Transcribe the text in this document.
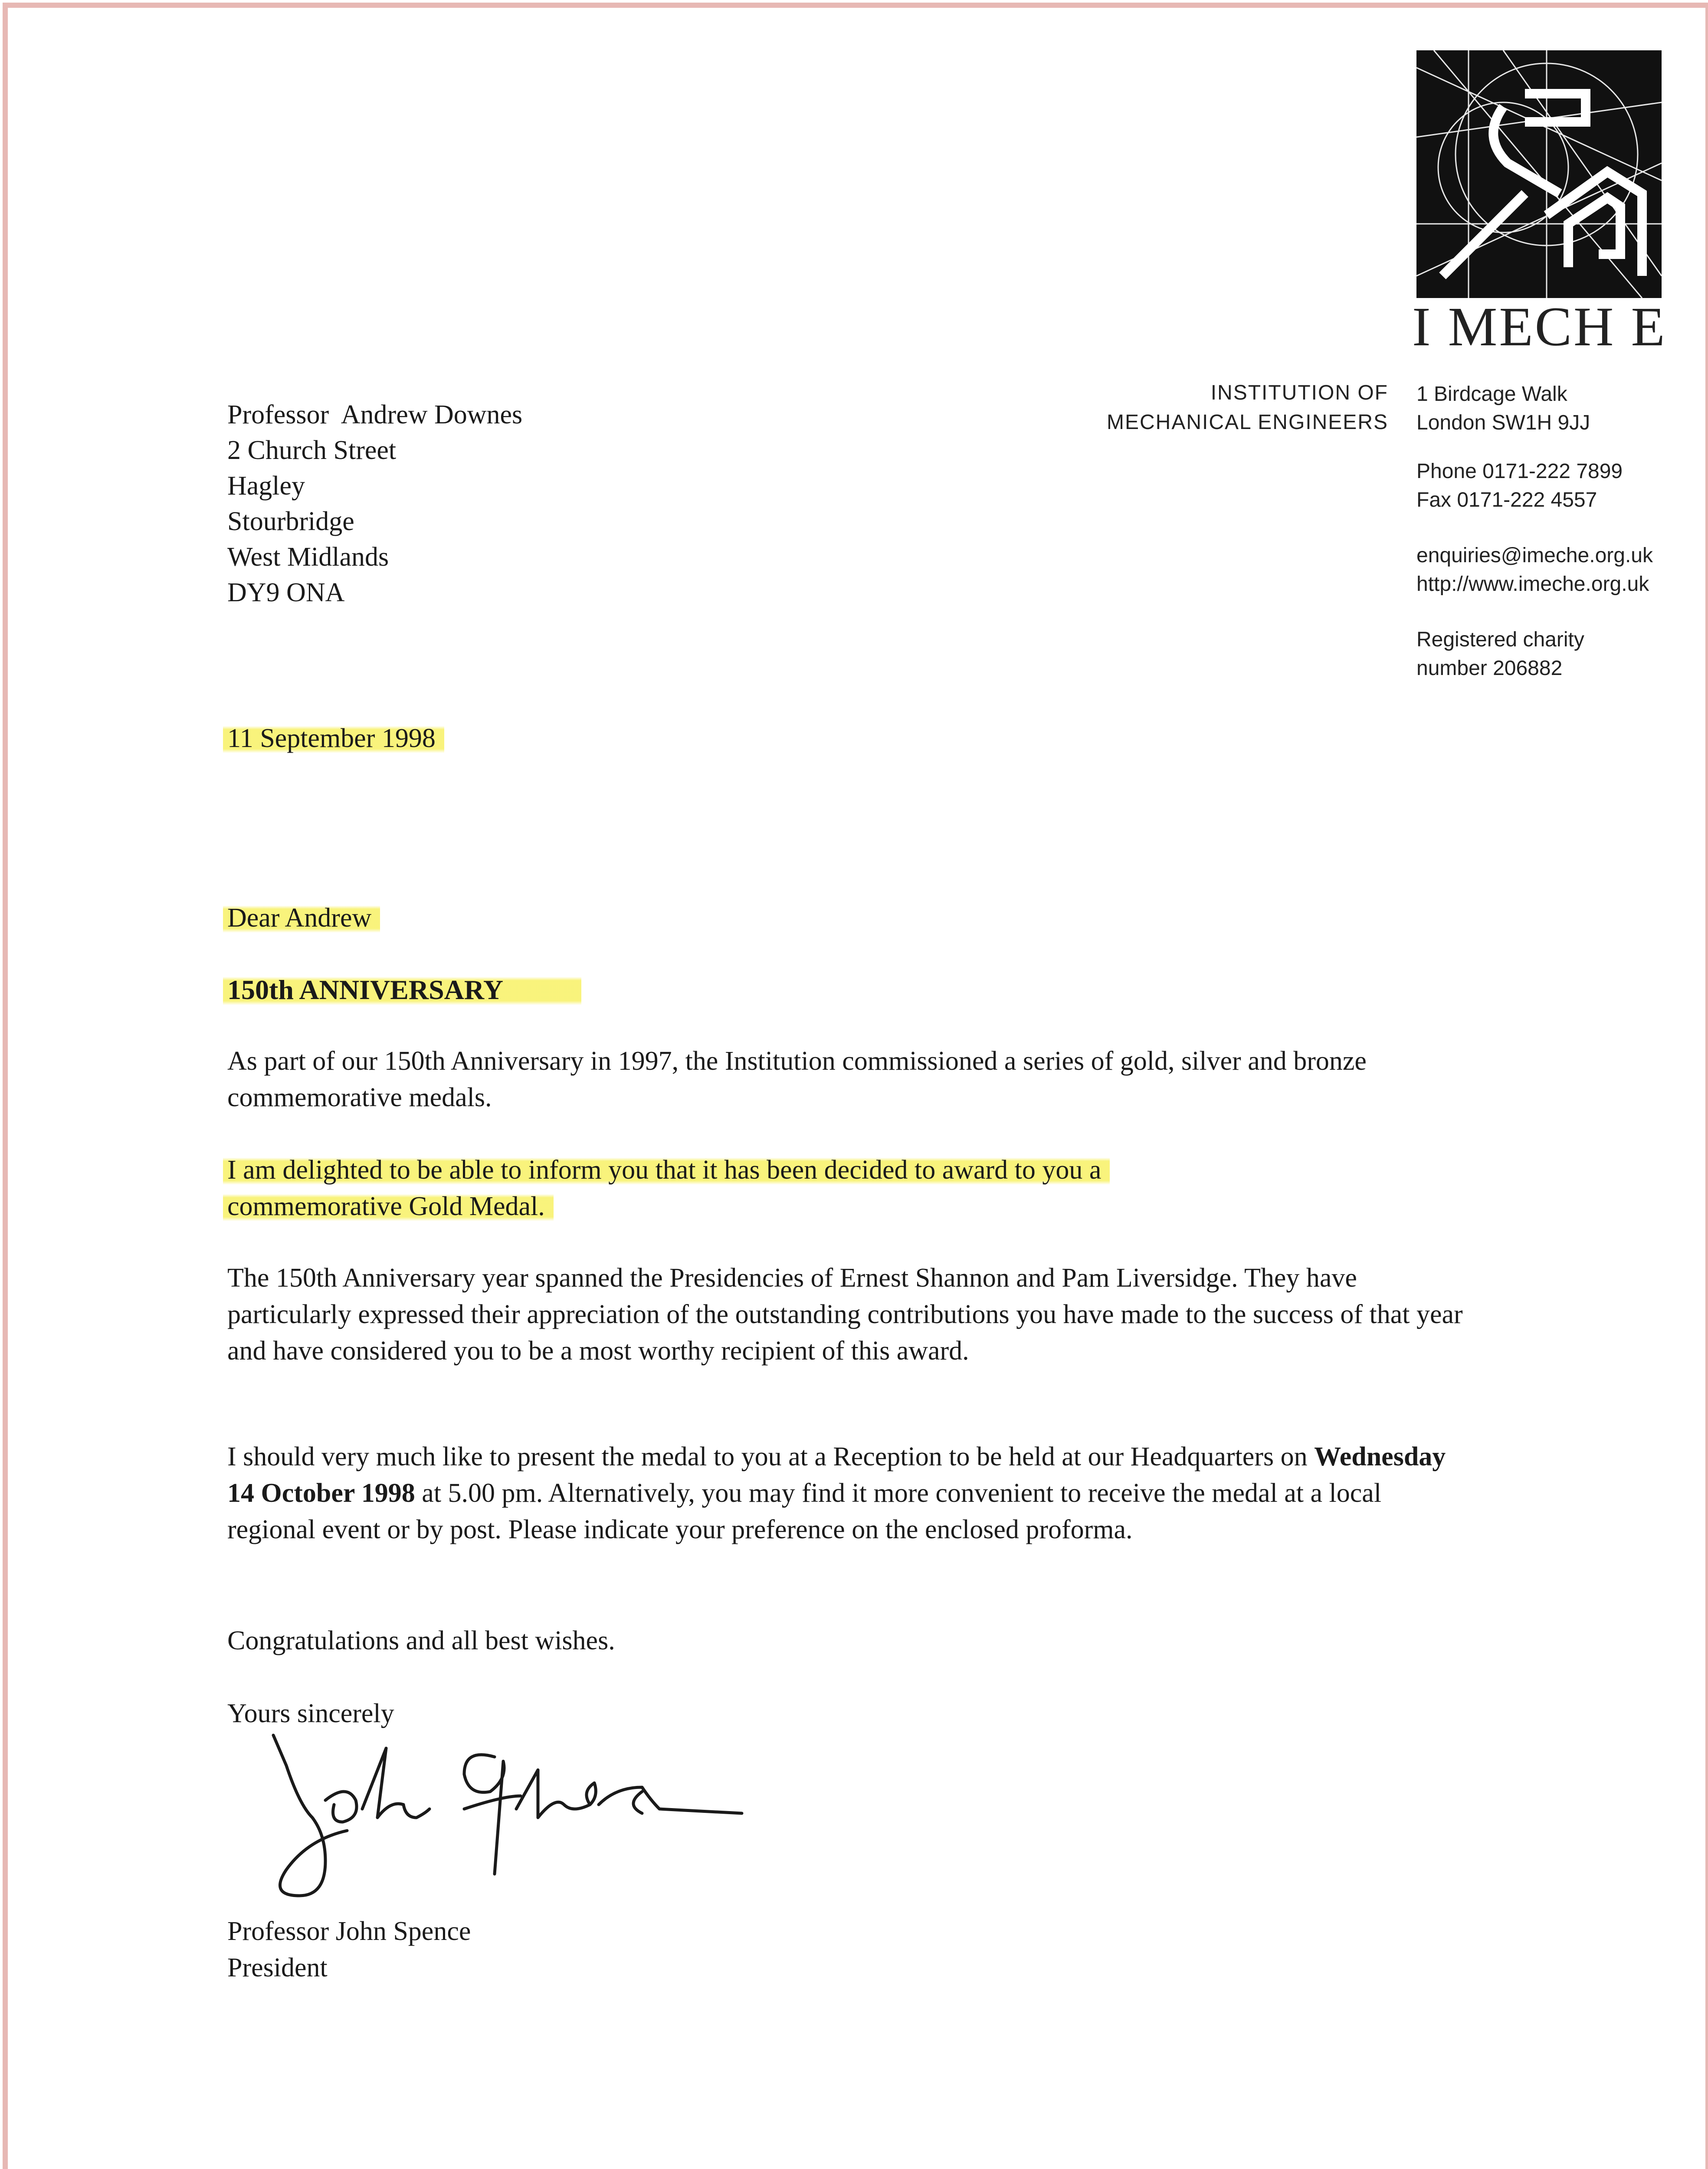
I MECH E
INSTITUTION OF
MECHANICAL ENGINEERS
1 Birdcage Walk
London SW1H 9JJ
Phone 0171-222 7899
Fax 0171-222 4557
enquiries@imeche.org.uk
http://www.imeche.org.uk
Registered charity
number 206882
Professor  Andrew Downes
2 Church Street
Hagley
Stourbridge
West Midlands
DY9 ONA
11 September 1998
Dear Andrew
150th ANNIVERSARY

As part of our 150th Anniversary in 1997, the Institution commissioned a series of gold, silver and bronze commemorative medals.

I am delighted to be able to inform you that it has been decided to award to you a commemorative Gold Medal.

The 150th Anniversary year spanned the Presidencies of Ernest Shannon and Pam Liversidge. They have particularly expressed their appreciation of the outstanding contributions you have made to the success of that year and have considered you to be a most worthy recipient of this award.

I should very much like to present the medal to you at a Reception to be held at our Headquarters on Wednesday 14 October 1998 at 5.00 pm. Alternatively, you may find it more convenient to receive the medal at a local regional event or by post. Please indicate your preference on the enclosed proforma.

Congratulations and all best wishes.

Yours sincerely
Professor John Spence
President
